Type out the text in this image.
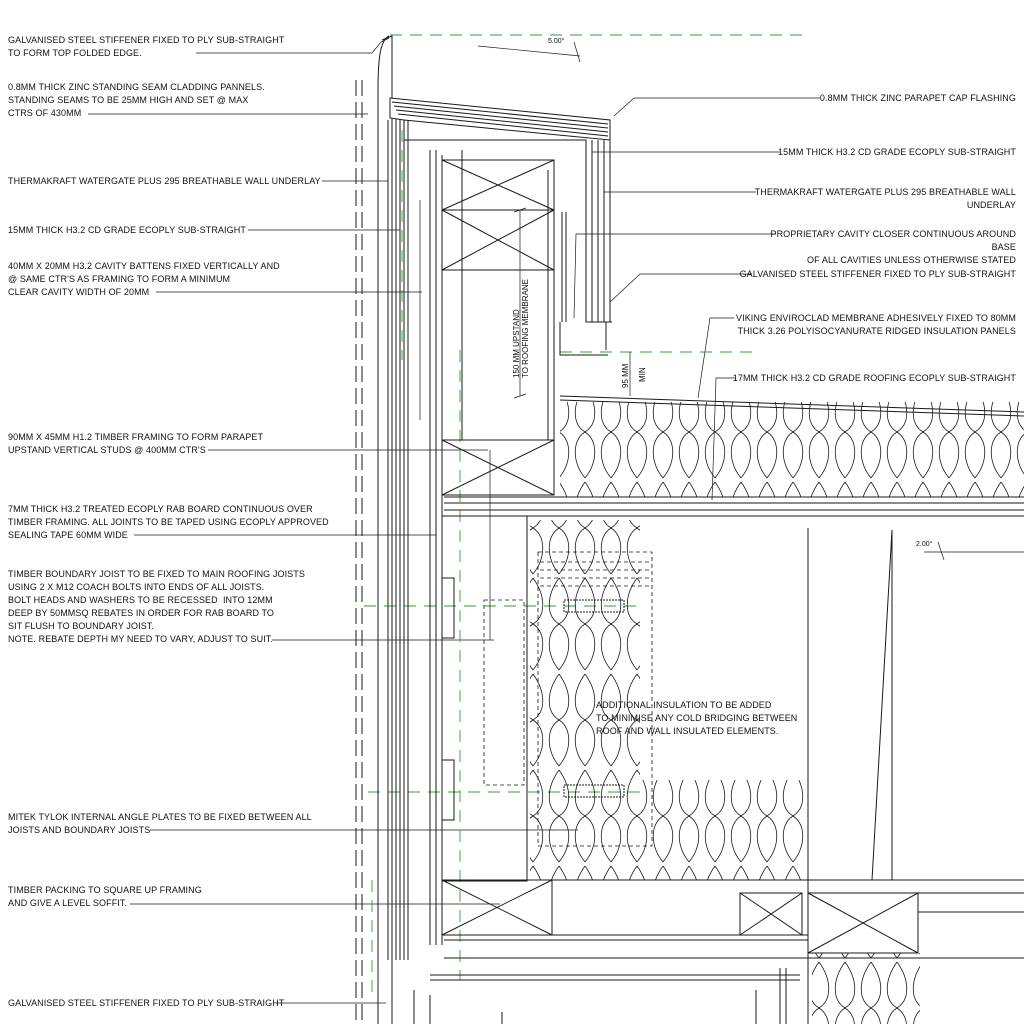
GALVANISED STEEL STIFFENER FIXED TO PLY SUB-STRAIGHT
TO FORM TOP FOLDED EDGE.
0.8MM THICK ZINC STANDING SEAM CLADDING PANNELS.
STANDING SEAMS TO BE 25MM HIGH AND SET @ MAX
CTRS OF 430MM
THERMAKRAFT WATERGATE PLUS 295 BREATHABLE WALL UNDERLAY
15MM THICK H3.2 CD GRADE ECOPLY SUB-STRAIGHT
40MM X 20MM H3.2 CAVITY BATTENS FIXED VERTICALLY AND
@ SAME CTR'S AS FRAMING TO FORM A MINIMUM
CLEAR CAVITY WIDTH OF 20MM
90MM X 45MM H1.2 TIMBER FRAMING TO FORM PARAPET
UPSTAND VERTICAL STUDS @ 400MM CTR'S
7MM THICK H3.2 TREATED ECOPLY RAB BOARD CONTINUOUS OVER
TIMBER FRAMING. ALL JOINTS TO BE TAPED USING ECOPLY APPROVED
SEALING TAPE 60MM WIDE
TIMBER BOUNDARY JOIST TO BE FIXED TO MAIN ROOFING JOISTS
USING 2 X M12 COACH BOLTS INTO ENDS OF ALL JOISTS.
BOLT HEADS AND WASHERS TO BE RECESSED  INTO 12MM
DEEP BY 50MMSQ REBATES IN ORDER FOR RAB BOARD TO
SIT FLUSH TO BOUNDARY JOIST.
NOTE. REBATE DEPTH MY NEED TO VARY, ADJUST TO SUIT.
MITEK TYLOK INTERNAL ANGLE PLATES TO BE FIXED BETWEEN ALL
JOISTS AND BOUNDARY JOISTS
TIMBER PACKING TO SQUARE UP FRAMING
AND GIVE A LEVEL SOFFIT.
GALVANISED STEEL STIFFENER FIXED TO PLY SUB-STRAIGHT
0.8MM THICK ZINC PARAPET CAP FLASHING
15MM THICK H3.2 CD GRADE ECOPLY SUB-STRAIGHT
THERMAKRAFT WATERGATE PLUS 295 BREATHABLE WALL
UNDERLAY
PROPRIETARY CAVITY CLOSER CONTINUOUS AROUND
BASE
OF ALL CAVITIES UNLESS OTHERWISE STATED
GALVANISED STEEL STIFFENER FIXED TO PLY SUB-STRAIGHT
VIKING ENVIROCLAD MEMBRANE ADHESIVELY FIXED TO 80MM
THICK 3.26 POLYISOCYANURATE RIDGED INSULATION PANELS
17MM THICK H3.2 CD GRADE ROOFING ECOPLY SUB-STRAIGHT
ADDITIONAL INSULATION TO BE ADDED
TO MINIMISE ANY COLD BRIDGING BETWEEN
ROOF AND WALL INSULATED ELEMENTS.
5.00°
2.00°
150 MM UPSTAND
TO ROOFING MEMBRANE
95 MM MIN
